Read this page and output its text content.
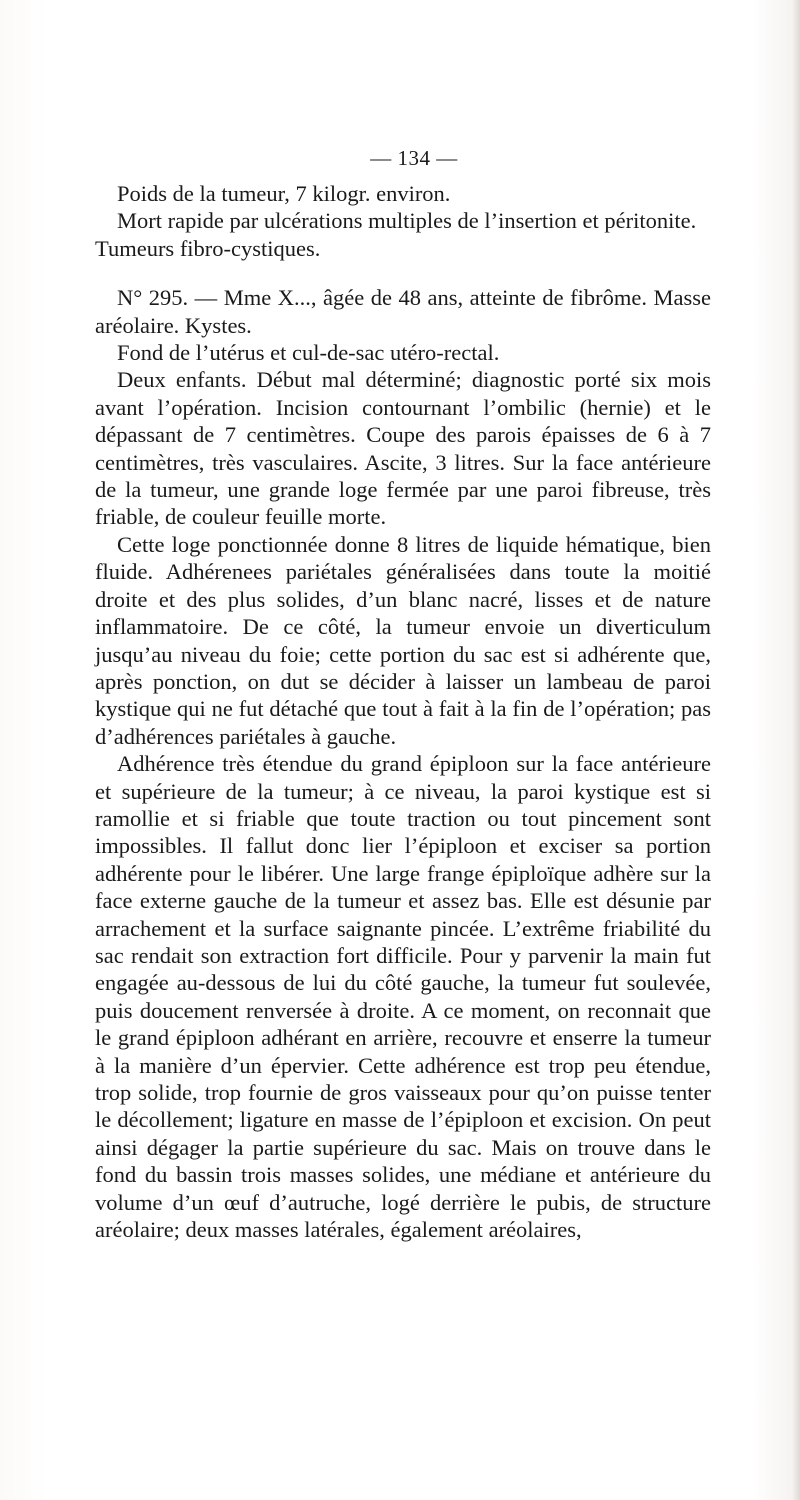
— 134 —

Poids de la tumeur, 7 kilogr. environ.

Mort rapide par ulcérations multiples de l’insertion et péritonite.

Tumeurs fibro-cystiques.

N° 295. — Mme X..., âgée de 48 ans, atteinte de fibrôme. Masse aréolaire. Kystes.

Fond de l’utérus et cul-de-sac utéro-rectal.

Deux enfants. Début mal déterminé; diagnostic porté six mois avant l’opération. Incision contournant l’ombilic (hernie) et le dépassant de 7 centimètres. Coupe des parois épaisses de 6 à 7 centimètres, très vasculaires. Ascite, 3 litres. Sur la face antérieure de la tumeur, une grande loge fermée par une paroi fibreuse, très friable, de couleur feuille morte.

Cette loge ponctionnée donne 8 litres de liquide hématique, bien fluide. Adhérenees pariétales généralisées dans toute la moitié droite et des plus solides, d’un blanc nacré, lisses et de nature inflammatoire. De ce côté, la tumeur envoie un diverticulum jusqu’au niveau du foie; cette portion du sac est si adhérente que, après ponction, on dut se décider à laisser un lambeau de paroi kystique qui ne fut détaché que tout à fait à la fin de l’opération; pas d’adhérences pariétales à gauche.

Adhérence très étendue du grand épiploon sur la face antérieure et supérieure de la tumeur; à ce niveau, la paroi kystique est si ramollie et si friable que toute traction ou tout pincement sont impossibles. Il fallut donc lier l’épiploon et exciser sa portion adhérente pour le libérer. Une large frange épiploïque adhère sur la face externe gauche de la tumeur et assez bas. Elle est désunie par arrachement et la surface saignante pincée. L’extrême friabilité du sac rendait son extraction fort difficile. Pour y parvenir la main fut engagée au-dessous de lui du côté gauche, la tumeur fut soulevée, puis doucement renversée à droite. A ce moment, on reconnait que le grand épiploon adhérant en arrière, recouvre et enserre la tumeur à la manière d’un épervier. Cette adhérence est trop peu étendue, trop solide, trop fournie de gros vaisseaux pour qu’on puisse tenter le décollement; ligature en masse de l’épiploon et excision. On peut ainsi dégager la partie supérieure du sac. Mais on trouve dans le fond du bassin trois masses solides, une médiane et antérieure du volume d’un œuf d’autruche, logé derrière le pubis, de structure aréolaire; deux masses latérales, également aréolaires,
